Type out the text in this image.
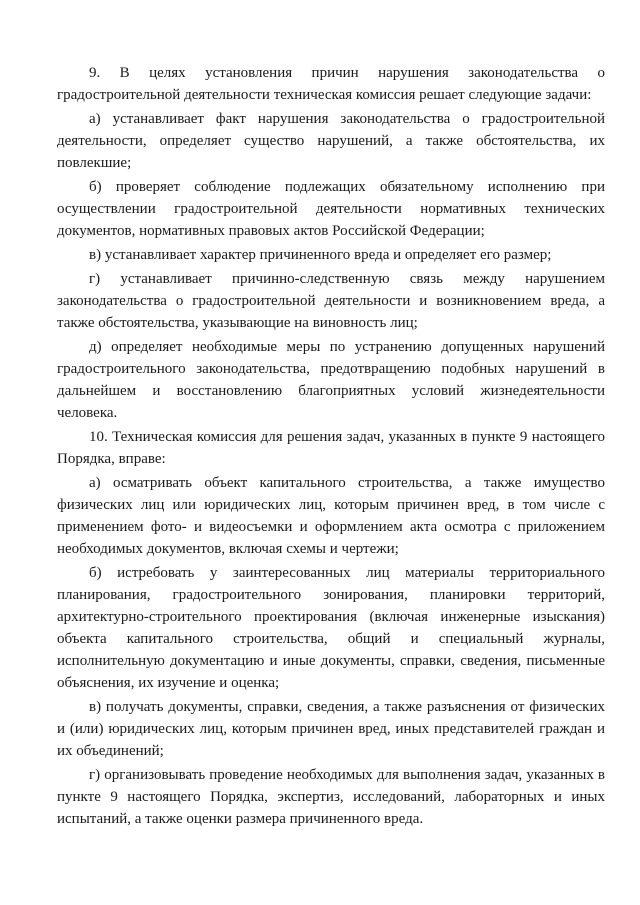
9. В целях установления причин нарушения законодательства о градостроительной деятельности техническая комиссия решает следующие задачи:

а) устанавливает факт нарушения законодательства о градостроительной деятельности, определяет существо нарушений, а также обстоятельства, их повлекшие;

б) проверяет соблюдение подлежащих обязательному исполнению при осуществлении градостроительной деятельности нормативных технических документов, нормативных правовых актов Российской Федерации;

в) устанавливает характер причиненного вреда и определяет его размер;

г) устанавливает причинно-следственную связь между нарушением законодательства о градостроительной деятельности и возникновением вреда, а также обстоятельства, указывающие на виновность лиц;

д) определяет необходимые меры по устранению допущенных нарушений градостроительного законодательства, предотвращению подобных нарушений в дальнейшем и восстановлению благоприятных условий жизнедеятельности человека.

10. Техническая комиссия для решения задач, указанных в пункте 9 настоящего Порядка, вправе:

а) осматривать объект капитального строительства, а также имущество физических лиц или юридических лиц, которым причинен вред, в том числе с применением фото- и видеосъемки и оформлением акта осмотра с приложением необходимых документов, включая схемы и чертежи;

б) истребовать у заинтересованных лиц материалы территориального планирования, градостроительного зонирования, планировки территорий, архитектурно-строительного проектирования (включая инженерные изыскания) объекта капитального строительства, общий и специальный журналы, исполнительную документацию и иные документы, справки, сведения, письменные объяснения, их изучение и оценка;

в) получать документы, справки, сведения, а также разъяснения от физических и (или) юридических лиц, которым причинен вред, иных представителей граждан и их объединений;

г) организовывать проведение необходимых для выполнения задач, указанных в пункте 9 настоящего Порядка, экспертиз, исследований, лабораторных и иных испытаний, а также оценки размера причиненного вреда.
